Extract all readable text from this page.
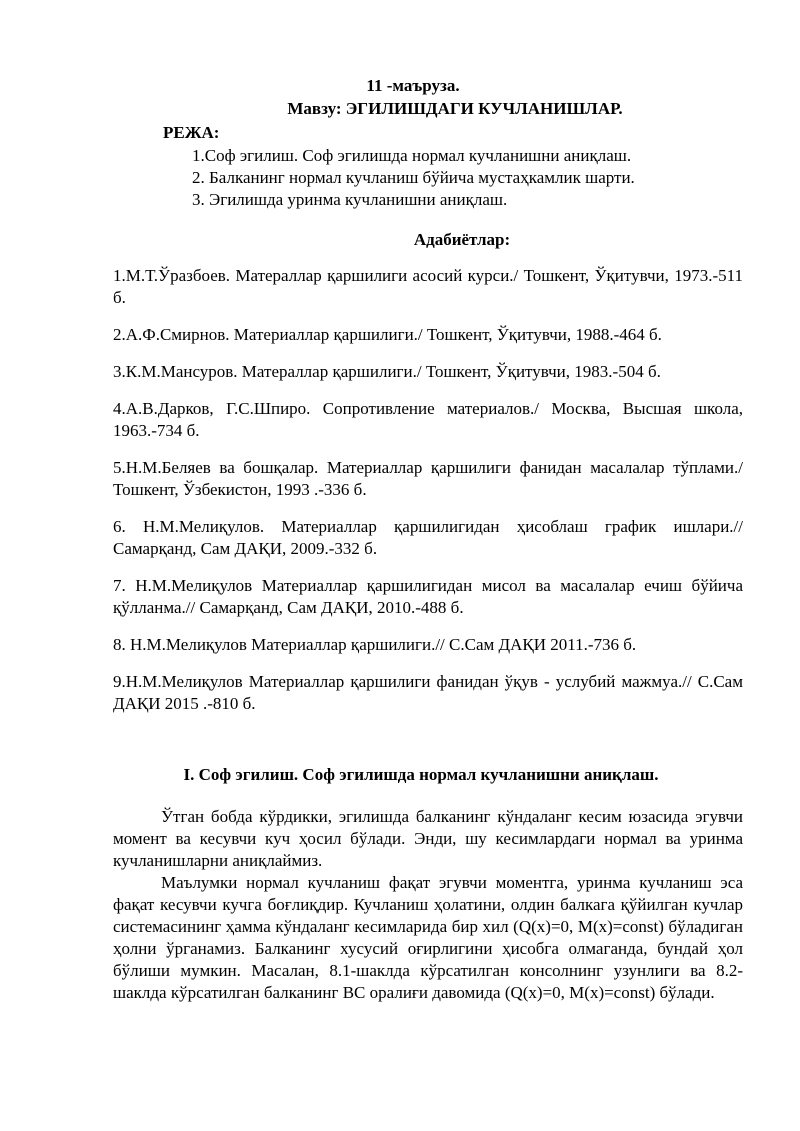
11 -маъруза.
Мавзу: ЭГИЛИШДАГИ КУЧЛАНИШЛАР.
РЕЖА:
1.Соф эгилиш. Соф эгилишда нормал кучланишни аниқлаш.
2. Балканинг нормал кучланиш бўйича мустаҳкамлик шарти.
3. Эгилишда уринма кучланишни аниқлаш.
Адабиётлар:

1.М.Т.Ўразбоев. Матераллар қаршилиги асосий курси./ Тошкент, Ўқитувчи, 1973.-511 б.

2.А.Ф.Смирнов. Материаллар қаршилиги./ Тошкент, Ўқитувчи, 1988.-464 б.

3.К.М.Мансуров. Матераллар қаршилиги./ Тошкент, Ўқитувчи, 1983.-504 б.

4.А.В.Дарков, Г.С.Шпиро. Сопротивление материалов./ Москва, Высшая школа, 1963.-734 б.

5.Н.М.Беляев ва бошқалар. Материаллар қаршилиги фанидан масалалар тўплами./ Тошкент, Ўзбекистон, 1993 .-336 б.

6. Н.М.Мелиқулов. Материаллар қаршилигидан ҳисоблаш график ишлари.// Самарқанд, Сам ДАҚИ, 2009.-332 б.

7. Н.М.Мелиқулов Материаллар қаршилигидан мисол ва масалалар ечиш бўйича қўлланма.// Самарқанд, Сам ДАҚИ, 2010.-488 б.

8. Н.М.Мелиқулов Материаллар қаршилиги.// С.Сам ДАҚИ 2011.-736 б.

9.Н.М.Мелиқулов Материаллар қаршилиги фанидан ўқув - услубий мажмуа.// С.Сам ДАҚИ 2015 .-810 б.

I. Соф эгилиш. Соф эгилишда нормал кучланишни аниқлаш.

Ўтган бобда кўрдикки, эгилишда балканинг кўндаланг кесим юзасида эгувчи момент ва кесувчи куч ҳосил бўлади. Энди, шу кесимлардаги нормал ва уринма кучланишларни аниқлаймиз.

Маълумки нормал кучланиш фақат эгувчи моментга, уринма кучланиш эса фақат кесувчи кучга боғлиқдир. Кучланиш ҳолатини, олдин балкага қўйилган кучлар системасининг ҳамма кўндаланг кесимларида бир хил (Q(x)=0, M(x)=const) бўладиган ҳолни ўрганамиз. Балканинг хусусий оғирлигини ҳисобга олмаганда, бундай ҳол бўлиши мумкин. Масалан, 8.1-шаклда кўрсатилган консолнинг узунлиги ва 8.2-шаклда кўрсатилган балканинг BC оралиғи давомида (Q(x)=0, M(x)=const) бўлади.
